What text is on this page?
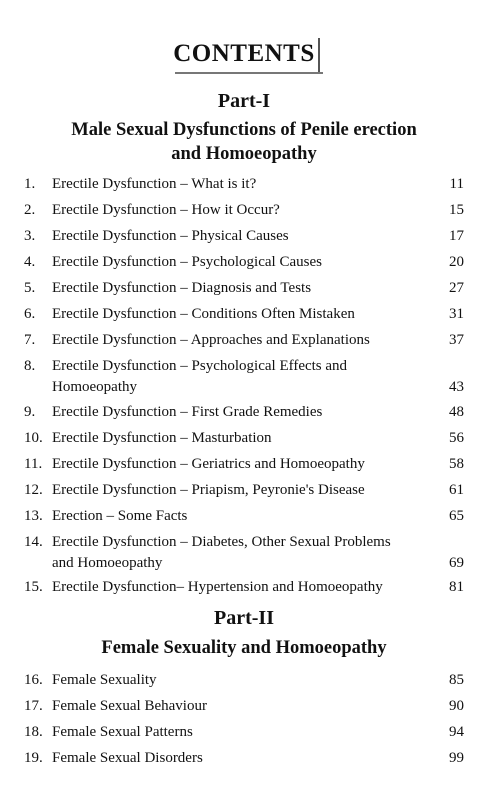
CONTENTS
Part-I
Male Sexual Dysfunctions of Penile erection
and Homoeopathy
1. Erectile Dysfunction – What is it?	11
2. Erectile Dysfunction – How it Occur?	15
3. Erectile Dysfunction – Physical Causes	17
4. Erectile Dysfunction – Psychological Causes	20
5. Erectile Dysfunction – Diagnosis and Tests	27
6. Erectile Dysfunction – Conditions Often Mistaken	31
7. Erectile Dysfunction – Approaches and Explanations	37
8. Erectile Dysfunction – Psychological Effects and
Homoeopathy	43
9. Erectile Dysfunction – First Grade Remedies	48
10. Erectile Dysfunction – Masturbation	56
11. Erectile Dysfunction – Geriatrics and Homoeopathy	58
12. Erectile Dysfunction – Priapism, Peyronie's Disease	61
13. Erection – Some Facts	65
14. Erectile Dysfunction – Diabetes, Other Sexual Problems
and Homoeopathy	69
15. Erectile Dysfunction– Hypertension and Homoeopathy	81
Part-II
Female Sexuality and Homoeopathy
16. Female Sexuality	85
17. Female Sexual Behaviour	90
18. Female Sexual Patterns	94
19. Female Sexual Disorders	99
